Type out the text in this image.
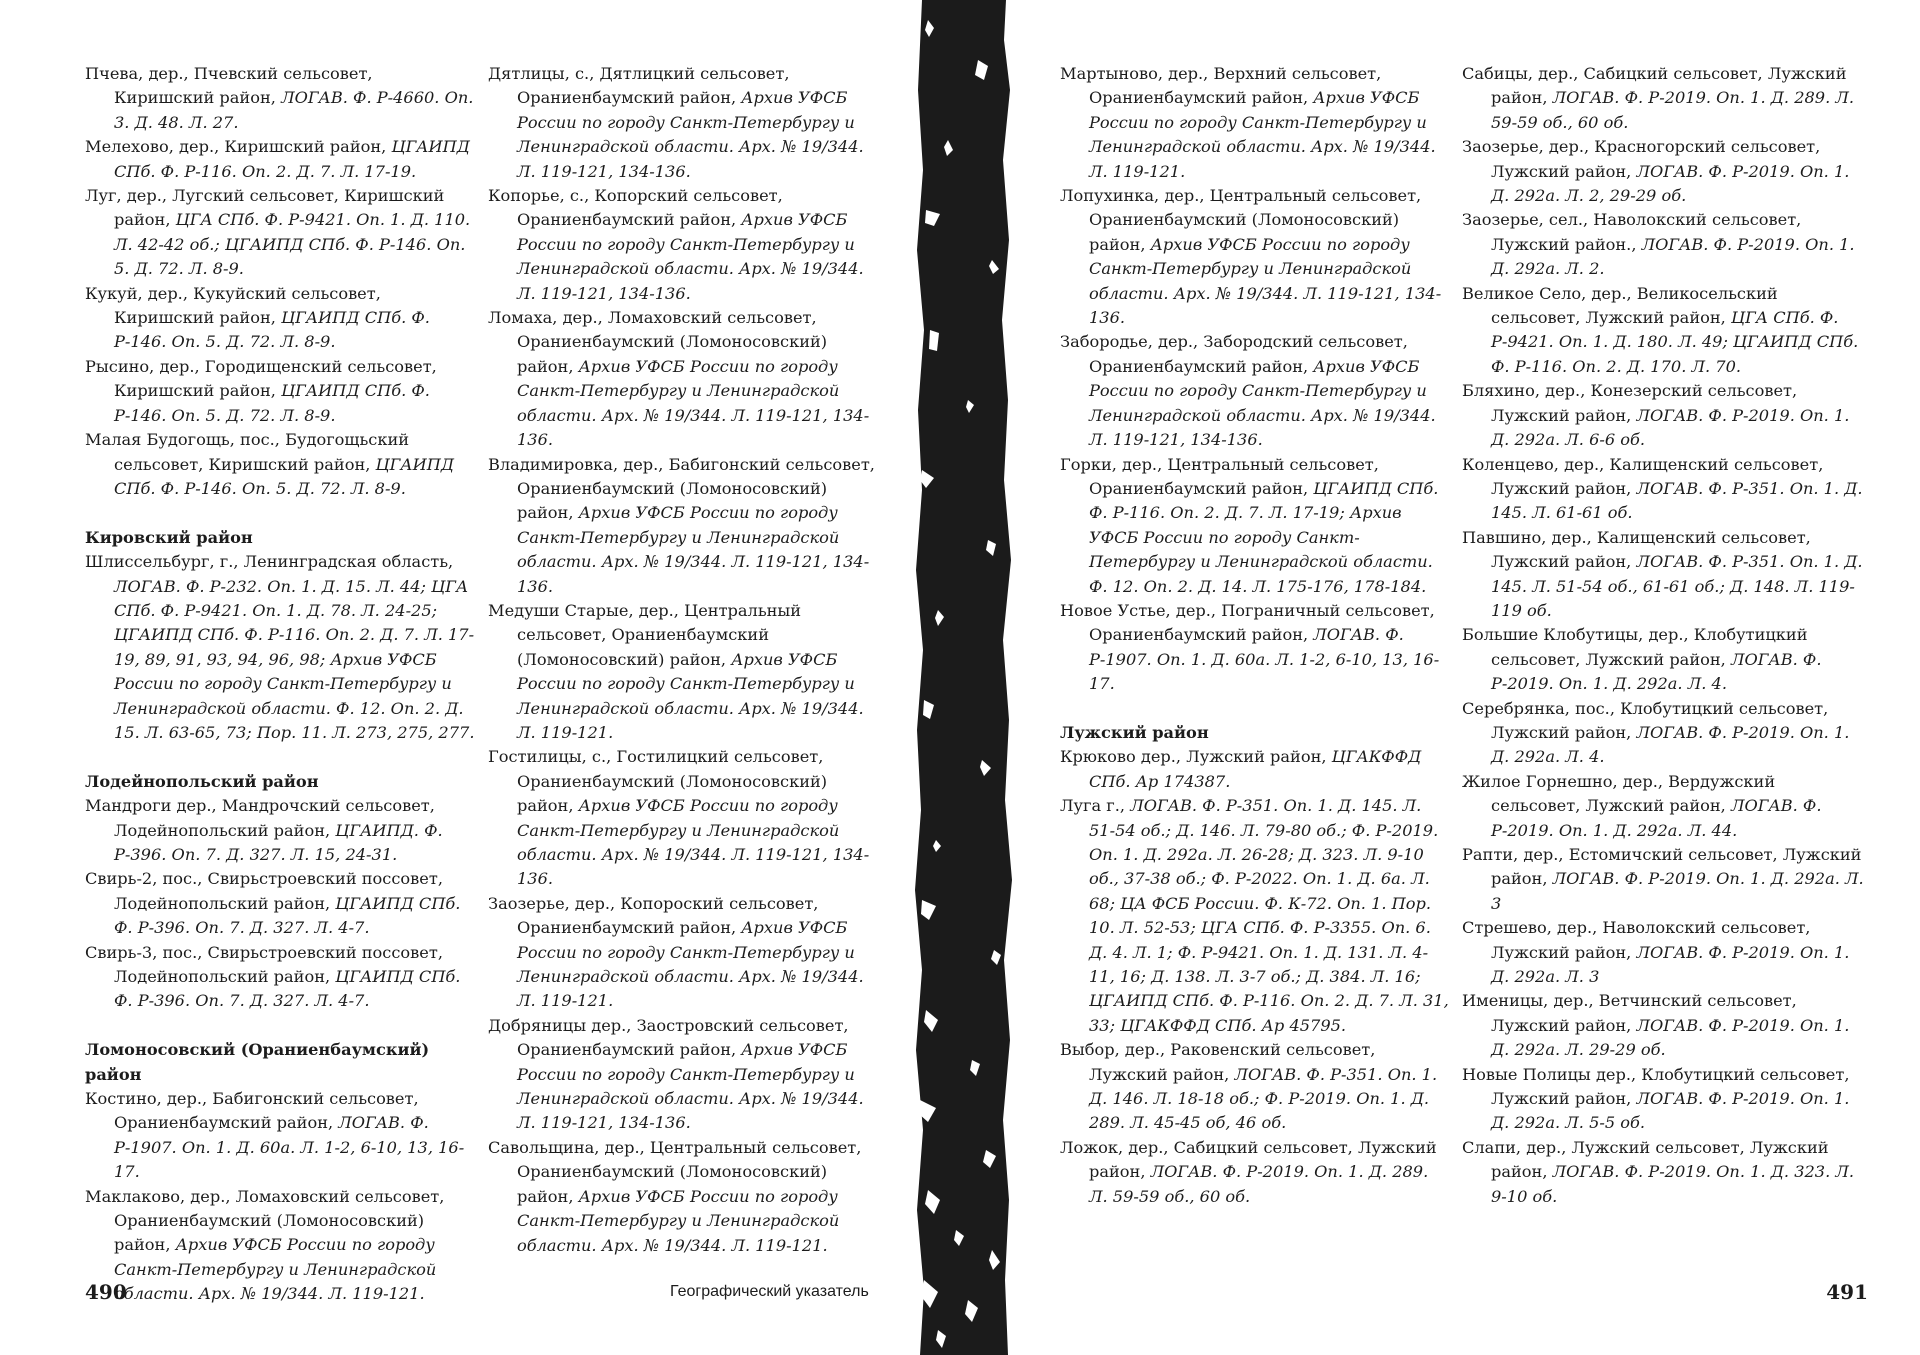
Пчева, дер., Пчевский сельсовет, Киришский район, ЛОГАВ. Ф. Р-4660. Оп. 3. Д. 48. Л. 27.
Мелехово, дер., Киришский район, ЦГАИПД СПб. Ф. Р-116. Оп. 2. Д. 7. Л. 17-19.
Луг, дер., Лугский сельсовет, Киришский район, ЦГА СПб. Ф. Р-9421. Оп. 1. Д. 110. Л. 42-42 об.; ЦГАИПД СПб. Ф. Р-146. Оп. 5. Д. 72. Л. 8-9.
Кукуй, дер., Кукуйский сельсовет, Киришский район, ЦГАИПД СПб. Ф. Р-146. Оп. 5. Д. 72. Л. 8-9.
Рысино, дер., Городищенский сельсовет, Киришский район, ЦГАИПД СПб. Ф. Р-146. Оп. 5. Д. 72. Л. 8-9.
Малая Будогощь, пос., Будогощьский сельсовет, Киришский район, ЦГАИПД СПб. Ф. Р-146. Оп. 5. Д. 72. Л. 8-9.
Кировский район
Шлиссельбург, г., Ленинградская область, ЛОГАВ. Ф. Р-232. Оп. 1. Д. 15. Л. 44; ЦГА СПб. Ф. Р-9421. Оп. 1. Д. 78. Л. 24-25; ЦГАИПД СПб. Ф. Р-116. Оп. 2. Д. 7. Л. 17-19, 89, 91, 93, 94, 96, 98; Архив УФСБ России по городу Санкт-Петербургу и Ленинградской области. Ф. 12. Оп. 2. Д. 15. Л. 63-65, 73; Пор. 11. Л. 273, 275, 277.
Лодейнопольский район
Мандроги дер., Мандрочский сельсовет, Лодейнопольский район, ЦГАИПД. Ф. Р-396. Оп. 7. Д. 327. Л. 15, 24-31.
Свирь-2, пос., Свирьстроевский поссовет, Лодейнопольский район, ЦГАИПД СПб. Ф. Р-396. Оп. 7. Д. 327. Л. 4-7.
Свирь-3, пос., Свирьстроевский поссовет, Лодейнопольский район, ЦГАИПД СПб. Ф. Р-396. Оп. 7. Д. 327. Л. 4-7.
Ломоносовский (Ораниенбаумский) район
Костино, дер., Бабигонский сельсовет, Ораниенбаумский район, ЛОГАВ. Ф. Р-1907. Оп. 1. Д. 60а. Л. 1-2, 6-10, 13, 16-17.
Маклаково, дер., Ломаховский сельсовет, Ораниенбаумский (Ломоносовский) район, Архив УФСБ России по городу Санкт-Петербургу и Ленинградской области. Арх. № 19/344. Л. 119-121.
Дятлицы, с., Дятлицкий сельсовет, Ораниенбаумский район, Архив УФСБ России по городу Санкт-Петербургу и Ленинградской области. Арх. № 19/344. Л. 119-121, 134-136.
Копорье, с., Копорский сельсовет, Ораниенбаумский район, Архив УФСБ России по городу Санкт-Петербургу и Ленинградской области. Арх. № 19/344. Л. 119-121, 134-136.
Ломаха, дер., Ломаховский сельсовет, Ораниенбаумский (Ломоносовский) район, Архив УФСБ России по городу Санкт-Петербургу и Ленинградской области. Арх. № 19/344. Л. 119-121, 134-136.
Владимировка, дер., Бабигонский сельсовет, Ораниенбаумский (Ломоносовский) район, Архив УФСБ России по городу Санкт-Петербургу и Ленинградской области. Арх. № 19/344. Л. 119-121, 134-136.
Медуши Старые, дер., Центральный сельсовет, Ораниенбаумский (Ломоносовский) район, Архив УФСБ России по городу Санкт-Петербургу и Ленинградской области. Арх. № 19/344. Л. 119-121.
Гостилицы, с., Гостилицкий сельсовет, Ораниенбаумский (Ломоносовский) район, Архив УФСБ России по городу Санкт-Петербургу и Ленинградской области. Арх. № 19/344. Л. 119-121, 134-136.
Заозерье, дер., Копороский сельсовет, Ораниенбаумский район, Архив УФСБ России по городу Санкт-Петербургу и Ленинградской области. Арх. № 19/344. Л. 119-121.
Добряницы дер., Заостровский сельсовет, Ораниенбаумский район, Архив УФСБ России по городу Санкт-Петербургу и Ленинградской области. Арх. № 19/344. Л. 119-121, 134-136.
Савольщина, дер., Центральный сельсовет, Ораниенбаумский (Ломоносовский) район, Архив УФСБ России по городу Санкт-Петербургу и Ленинградской области. Арх. № 19/344. Л. 119-121.
490	Географический указатель
Мартыново, дер., Верхний сельсовет, Ораниенбаумский район, Архив УФСБ России по городу Санкт-Петербургу и Ленинградской области. Арх. № 19/344. Л. 119-121.
Лопухинка, дер., Центральный сельсовет, Ораниенбаумский (Ломоносовский) район, Архив УФСБ России по городу Санкт-Петербургу и Ленинградской области. Арх. № 19/344. Л. 119-121, 134-136.
Забородье, дер., Забородский сельсовет, Ораниенбаумский район, Архив УФСБ России по городу Санкт-Петербургу и Ленинградской области. Арх. № 19/344. Л. 119-121, 134-136.
Горки, дер., Центральный сельсовет, Ораниенбаумский район, ЦГАИПД СПб. Ф. Р-116. Оп. 2. Д. 7. Л. 17-19; Архив УФСБ России по городу Санкт-Петербургу и Ленинградской области. Ф. 12. Оп. 2. Д. 14. Л. 175-176, 178-184.
Новое Устье, дер., Пограничный сельсовет, Ораниенбаумский район, ЛОГАВ. Ф. Р-1907. Оп. 1. Д. 60а. Л. 1-2, 6-10, 13, 16-17.
Лужский район
Крюково дер., Лужский район, ЦГАКФФД СПб. Ар 174387.
Луга г., ЛОГАВ. Ф. Р-351. Оп. 1. Д. 145. Л. 51-54 об.; Д. 146. Л. 79-80 об.; Ф. Р-2019. Оп. 1. Д. 292а. Л. 26-28; Д. 323. Л. 9-10 об., 37-38 об.; Ф. Р-2022. Оп. 1. Д. 6а. Л. 68; ЦА ФСБ России. Ф. К-72. Оп. 1. Пор. 10. Л. 52-53; ЦГА СПб. Ф. Р-3355. Оп. 6. Д. 4. Л. 1; Ф. Р-9421. Оп. 1. Д. 131. Л. 4-11, 16; Д. 138. Л. 3-7 об.; Д. 384. Л. 16; ЦГАИПД СПб. Ф. Р-116. Оп. 2. Д. 7. Л. 31, 33; ЦГАКФФД СПб. Ар 45795.
Выбор, дер., Раковенский сельсовет, Лужский район, ЛОГАВ. Ф. Р-351. Оп. 1. Д. 146. Л. 18-18 об.; Ф. Р-2019. Оп. 1. Д. 289. Л. 45-45 об, 46 об.
Ложок, дер., Сабицкий сельсовет, Лужский район, ЛОГАВ. Ф. Р-2019. Оп. 1. Д. 289. Л. 59-59 об., 60 об.
Сабицы, дер., Сабицкий сельсовет, Лужский район, ЛОГАВ. Ф. Р-2019. Оп. 1. Д. 289. Л. 59-59 об., 60 об.
Заозерье, дер., Красногорский сельсовет, Лужский район, ЛОГАВ. Ф. Р-2019. Оп. 1. Д. 292а. Л. 2, 29-29 об.
Заозерье, сел., Наволокский сельсовет, Лужский район., ЛОГАВ. Ф. Р-2019. Оп. 1. Д. 292а. Л. 2.
Великое Село, дер., Великосельский сельсовет, Лужский район, ЦГА СПб. Ф. Р-9421. Оп. 1. Д. 180. Л. 49; ЦГАИПД СПб. Ф. Р-116. Оп. 2. Д. 170. Л. 70.
Бляхино, дер., Конезерский сельсовет, Лужский район, ЛОГАВ. Ф. Р-2019. Оп. 1. Д. 292а. Л. 6-6 об.
Коленцево, дер., Калищенский сельсовет, Лужский район, ЛОГАВ. Ф. Р-351. Оп. 1. Д. 145. Л. 61-61 об.
Павшино, дер., Калищенский сельсовет, Лужский район, ЛОГАВ. Ф. Р-351. Оп. 1. Д. 145. Л. 51-54 об., 61-61 об.; Д. 148. Л. 119-119 об.
Большие Клобутицы, дер., Клобутицкий сельсовет, Лужский район, ЛОГАВ. Ф. Р-2019. Оп. 1. Д. 292а. Л. 4.
Серебрянка, пос., Клобутицкий сельсовет, Лужский район, ЛОГАВ. Ф. Р-2019. Оп. 1. Д. 292а. Л. 4.
Жилое Горнешно, дер., Вердужский сельсовет, Лужский район, ЛОГАВ. Ф. Р-2019. Оп. 1. Д. 292а. Л. 44.
Рапти, дер., Естомичский сельсовет, Лужский район, ЛОГАВ. Ф. Р-2019. Оп. 1. Д. 292а. Л. 3
Стрешево, дер., Наволокский сельсовет, Лужский район, ЛОГАВ. Ф. Р-2019. Оп. 1. Д. 292а. Л. 3
Именицы, дер., Ветчинский сельсовет, Лужский район, ЛОГАВ. Ф. Р-2019. Оп. 1. Д. 292а. Л. 29-29 об.
Новые Полицы дер., Клобутицкий сельсовет, Лужский район, ЛОГАВ. Ф. Р-2019. Оп. 1. Д. 292а. Л. 5-5 об.
Слапи, дер., Лужский сельсовет, Лужский район, ЛОГАВ. Ф. Р-2019. Оп. 1. Д. 323. Л. 9-10 об.
491
